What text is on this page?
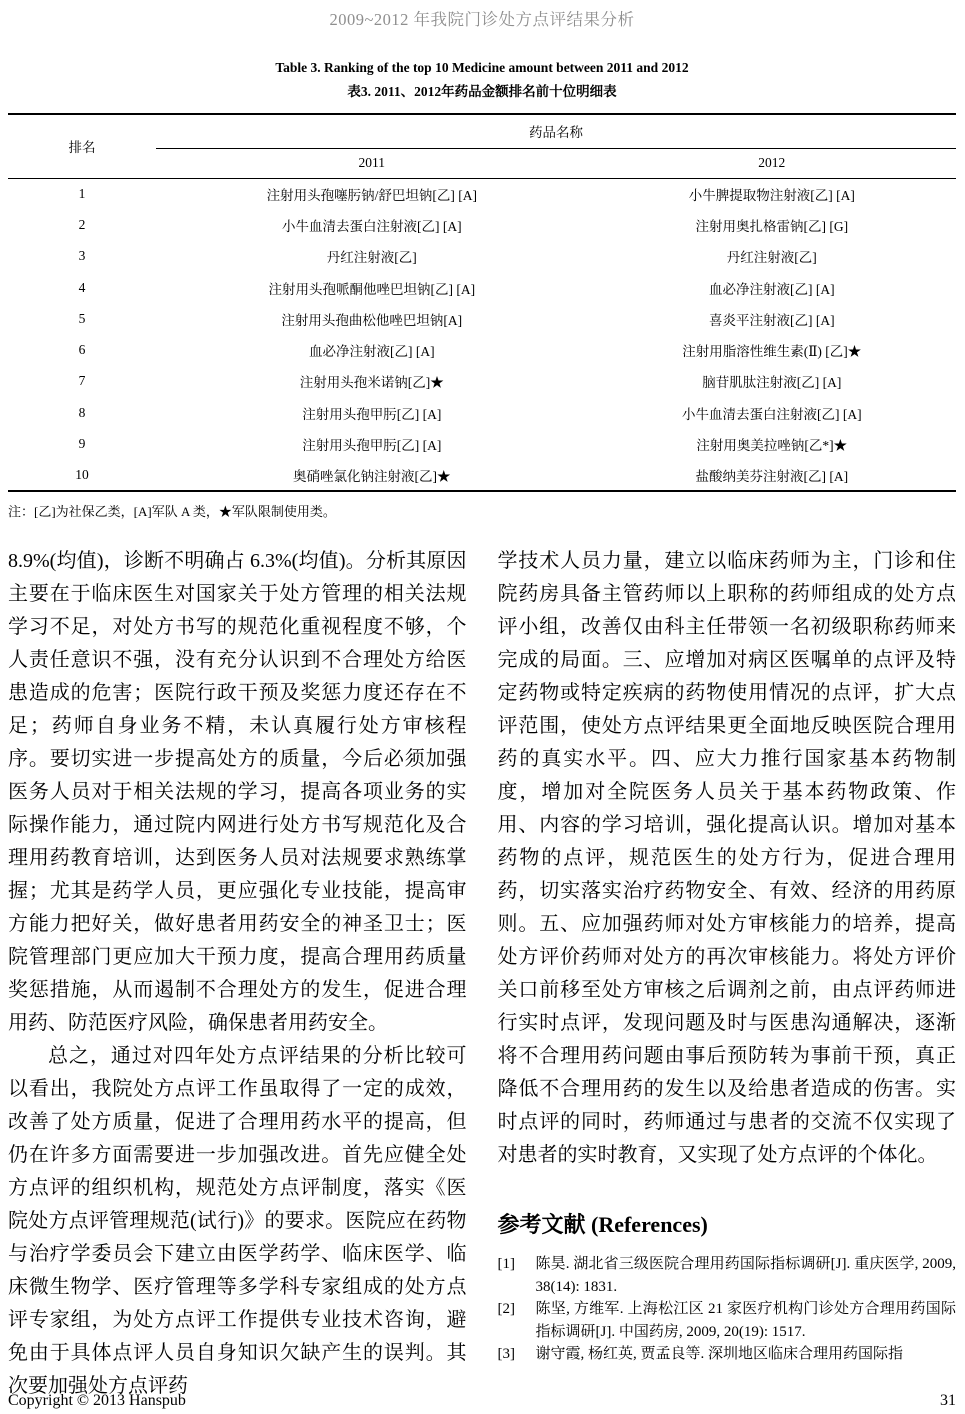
2009~2012 年我院门诊处方点评结果分析
Table 3. Ranking of the top 10 Medicine amount between 2011 and 2012
表3. 2011、2012年药品金额排名前十位明细表
排名	药品名称	
	2011	2012
1	注射用头孢噻肟钠/舒巴坦钠[乙] [A]	小牛脾提取物注射液[乙] [A]
2	小牛血清去蛋白注射液[乙] [A]	注射用奥扎格雷钠[乙] [G]
3	丹红注射液[乙]	丹红注射液[乙]
4	注射用头孢哌酮他唑巴坦钠[乙] [A]	血必净注射液[乙] [A]
5	注射用头孢曲松他唑巴坦钠[A]	喜炎平注射液[乙] [A]
6	血必净注射液[乙] [A]	注射用脂溶性维生素(Ⅱ) [乙]★
7	注射用头孢米诺钠[乙]★	脑苷肌肽注射液[乙] [A]
8	注射用头孢甲肟[乙] [A]	小牛血清去蛋白注射液[乙] [A]
9	注射用头孢甲肟[乙] [A]	注射用奥美拉唑钠[乙*]★
10	奥硝唑氯化钠注射液[乙]★	盐酸纳美芬注射液[乙] [A]
注：[乙]为社保乙类，[A]军队 A 类，★军队限制使用类。

8.9%(均值)，诊断不明确占 6.3%(均值)。分析其原因主要在于临床医生对国家关于处方管理的相关法规学习不足，对处方书写的规范化重视程度不够，个人责任意识不强，没有充分认识到不合理处方给医患造成的危害；医院行政干预及奖惩力度还存在不足；药师自身业务不精，未认真履行处方审核程序。要切实进一步提高处方的质量，今后必须加强医务人员对于相关法规的学习，提高各项业务的实际操作能力，通过院内网进行处方书写规范化及合理用药教育培训，达到医务人员对法规要求熟练掌握；尤其是药学人员，更应强化专业技能，提高审方能力把好关，做好患者用药安全的神圣卫士；医院管理部门更应加大干预力度，提高合理用药质量奖惩措施，从而遏制不合理处方的发生，促进合理用药、防范医疗风险，确保患者用药安全。

总之，通过对四年处方点评结果的分析比较可以看出，我院处方点评工作虽取得了一定的成效，改善了处方质量，促进了合理用药水平的提高，但仍在许多方面需要进一步加强改进。首先应健全处方点评的组织机构，规范处方点评制度，落实《医院处方点评管理规范(试行)》的要求。医院应在药物与治疗学委员会下建立由医学药学、临床医学、临床微生物学、医疗管理等多学科专家组成的处方点评专家组，为处方点评工作提供专业技术咨询，避免由于具体点评人员自身知识欠缺产生的误判。其次要加强处方点评药

学技术人员力量，建立以临床药师为主，门诊和住院药房具备主管药师以上职称的药师组成的处方点评小组，改善仅由科主任带领一名初级职称药师来完成的局面。三、应增加对病区医嘱单的点评及特定药物或特定疾病的药物使用情况的点评，扩大点评范围，使处方点评结果更全面地反映医院合理用药的真实水平。四、应大力推行国家基本药物制度，增加对全院医务人员关于基本药物政策、作用、内容的学习培训，强化提高认识。增加对基本药物的点评，规范医生的处方行为，促进合理用药，切实落实治疗药物安全、有效、经济的用药原则。五、应加强药师对处方审核能力的培养，提高处方评价药师对处方的再次审核能力。将处方评价关口前移至处方审核之后调剂之前，由点评药师进行实时点评，发现问题及时与医患沟通解决，逐渐将不合理用药问题由事后预防转为事前干预，真正降低不合理用药的发生以及给患者造成的伤害。实时点评的同时，药师通过与患者的交流不仅实现了对患者的实时教育，又实现了处方点评的个体化。

参考文献 (References)
[1]	陈昊. 湖北省三级医院合理用药国际指标调研[J]. 重庆医学, 2009, 38(14): 1831.
[2]	陈坚, 方维军. 上海松江区 21 家医疗机构门诊处方合理用药国际指标调研[J]. 中国药房, 2009, 20(19): 1517.
[3]	谢守霞, 杨红英, 贾孟良等. 深圳地区临床合理用药国际指
Copyright © 2013 Hanspub	31
